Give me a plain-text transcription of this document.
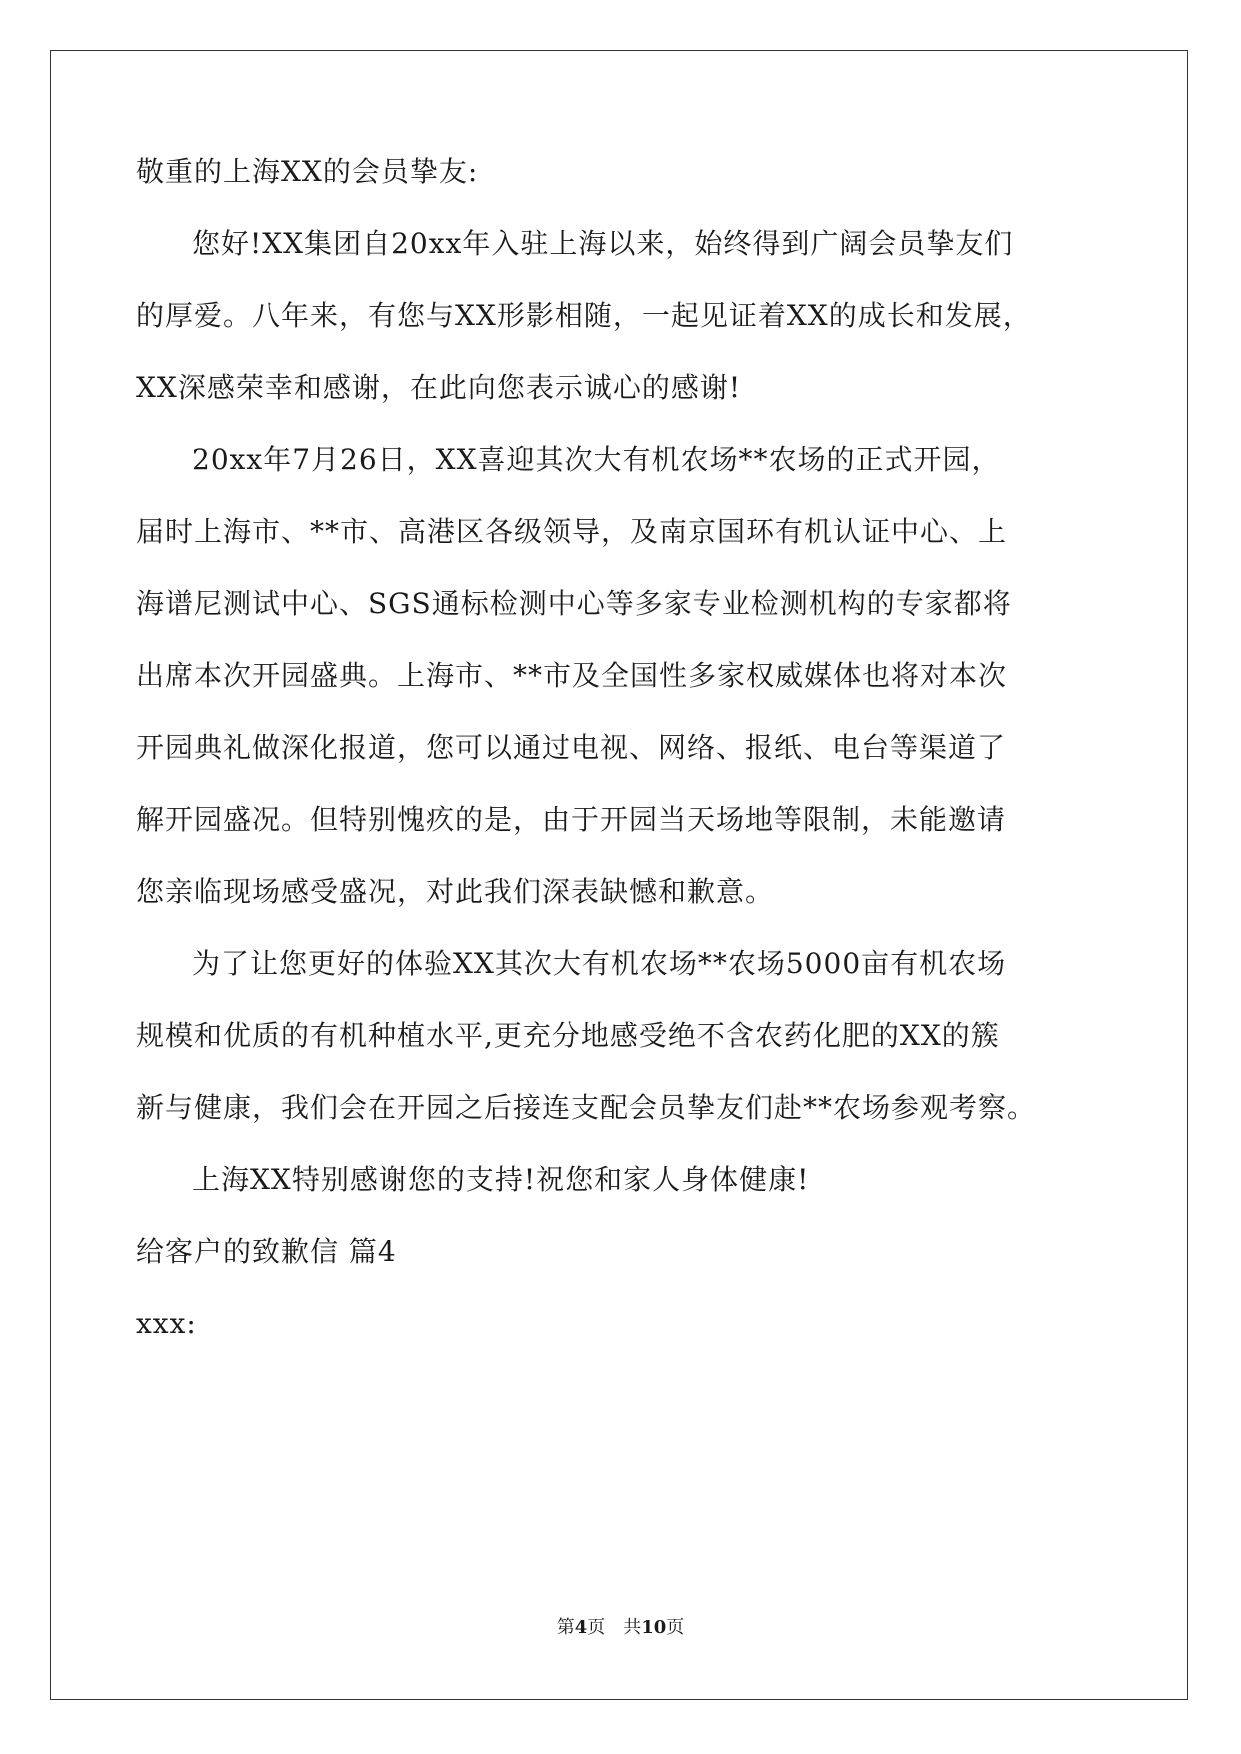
敬重的上海XX的会员挚友:

您好!XX集团自20xx年入驻上海以来，始终得到广阔会员挚友们

的厚爱。八年来，有您与XX形影相随，一起见证着XX的成长和发展，

XX深感荣幸和感谢，在此向您表示诚心的感谢!

20xx年7月26日，XX喜迎其次大有机农场**农场的正式开园，

届时上海市、**市、高港区各级领导，及南京国环有机认证中心、上

海谱尼测试中心、SGS通标检测中心等多家专业检测机构的专家都将

出席本次开园盛典。上海市、**市及全国性多家权威媒体也将对本次

开园典礼做深化报道，您可以通过电视、网络、报纸、电台等渠道了

解开园盛况。但特别愧疚的是，由于开园当天场地等限制，未能邀请

您亲临现场感受盛况，对此我们深表缺憾和歉意。

为了让您更好的体验XX其次大有机农场**农场5000亩有机农场

规模和优质的有机种植水平,更充分地感受绝不含农药化肥的XX的簇

新与健康，我们会在开园之后接连支配会员挚友们赴**农场参观考察。

上海XX特别感谢您的支持!祝您和家人身体健康!

给客户的致歉信 篇4

xxx:

第4页　共10页
